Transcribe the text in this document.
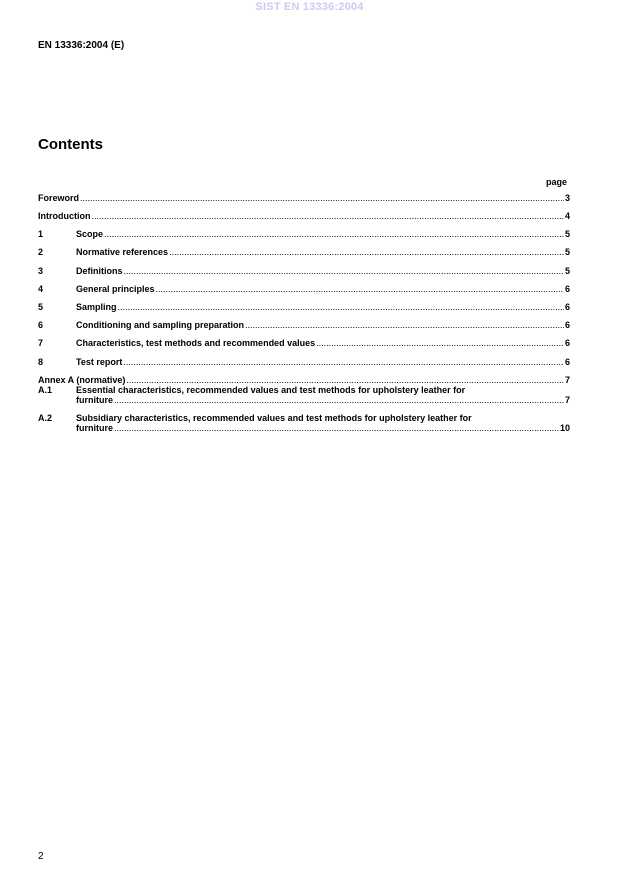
SIST EN 13336:2004
EN 13336:2004 (E)
Contents
page
Foreword .....	3
Introduction .....	4
1	Scope .....	5
2	Normative references .....	5
3	Definitions .....	5
4	General principles .....	6
5	Sampling .....	6
6	Conditioning and sampling preparation .....	6
7	Characteristics, test methods and recommended values .....	6
8	Test report .....	6
Annex A (normative) .....	7
A.1	Essential characteristics, recommended values and test methods for upholstery leather for
furniture .....	7
A.2	Subsidiary characteristics, recommended values and test methods for upholstery leather for
furniture .....	10
2
